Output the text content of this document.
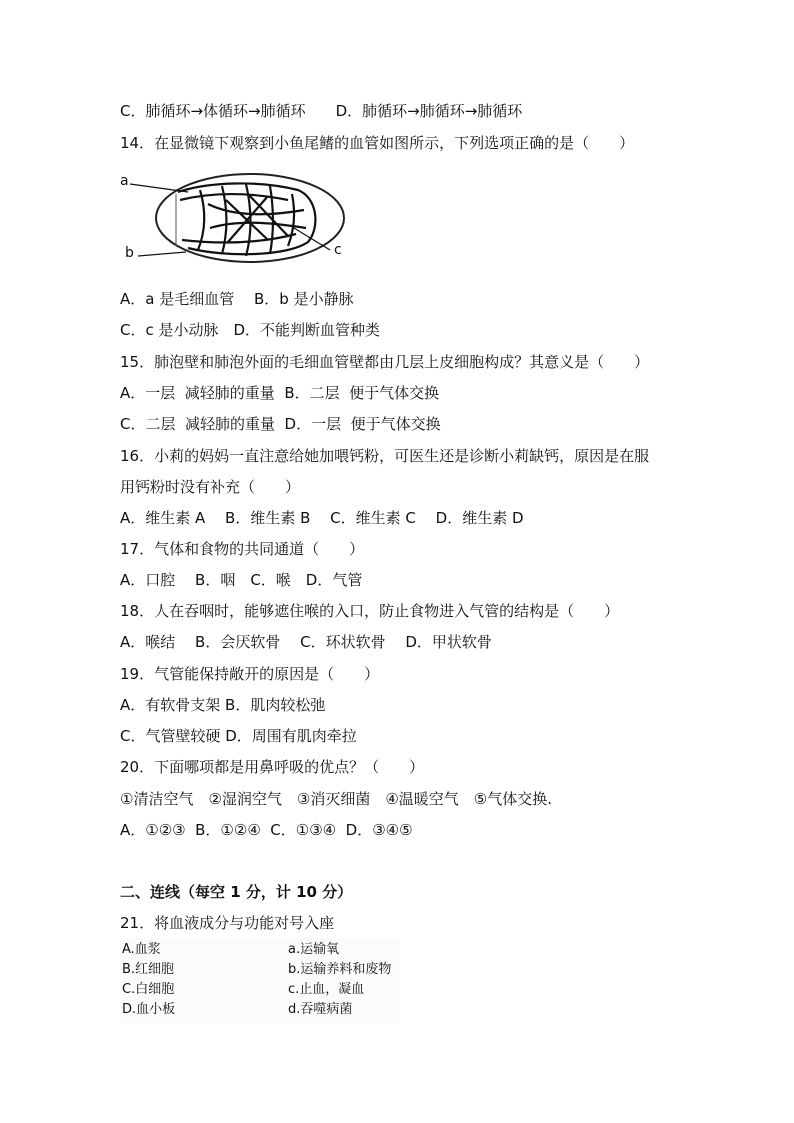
C．肺循环→体循环→肺循环　　D．肺循环→肺循环→肺循环
14．在显微镜下观察到小鱼尾鳍的血管如图所示，下列选项正确的是（　　）
a
b	c
A．a 是毛细血管　 B．b 是小静脉
C．c 是小动脉　D．不能判断血管种类
15．肺泡壁和肺泡外面的毛细血管壁都由几层上皮细胞构成？其意义是（　　）
A．一层  减轻肺的重量  B．二层  便于气体交换
C．二层  减轻肺的重量  D．一层  便于气体交换
16．小莉的妈妈一直注意给她加喂钙粉，可医生还是诊断小莉缺钙，原因是在服
用钙粉时没有补充（　　）
A．维生素 A　 B．维生素 B　 C．维生素 C　 D．维生素 D
17．气体和食物的共同通道（　　）
A．口腔　 B．咽　C．喉　D．气管
18．人在吞咽时，能够遮住喉的入口，防止食物进入气管的结构是（　　）
A．喉结　 B．会厌软骨　 C．环状软骨　 D．甲状软骨
19．气管能保持敞开的原因是（　　）
A．有软骨支架 B．肌肉较松弛
C．气管壁较硬 D．周围有肌肉牵拉
20．下面哪项都是用鼻呼吸的优点？（　　）
①清洁空气　②湿润空气　③消灭细菌　④温暖空气　⑤气体交换.
A．①②③  B．①②④  C．①③④  D．③④⑤
二、连线（每空 1 分，计 10 分）
21．将血液成分与功能对号入座
A.血浆
B.红细胞
C.白细胞
D.血小板
a.运输氧
b.运输养料和废物
c.止血，凝血
d.吞噬病菌
